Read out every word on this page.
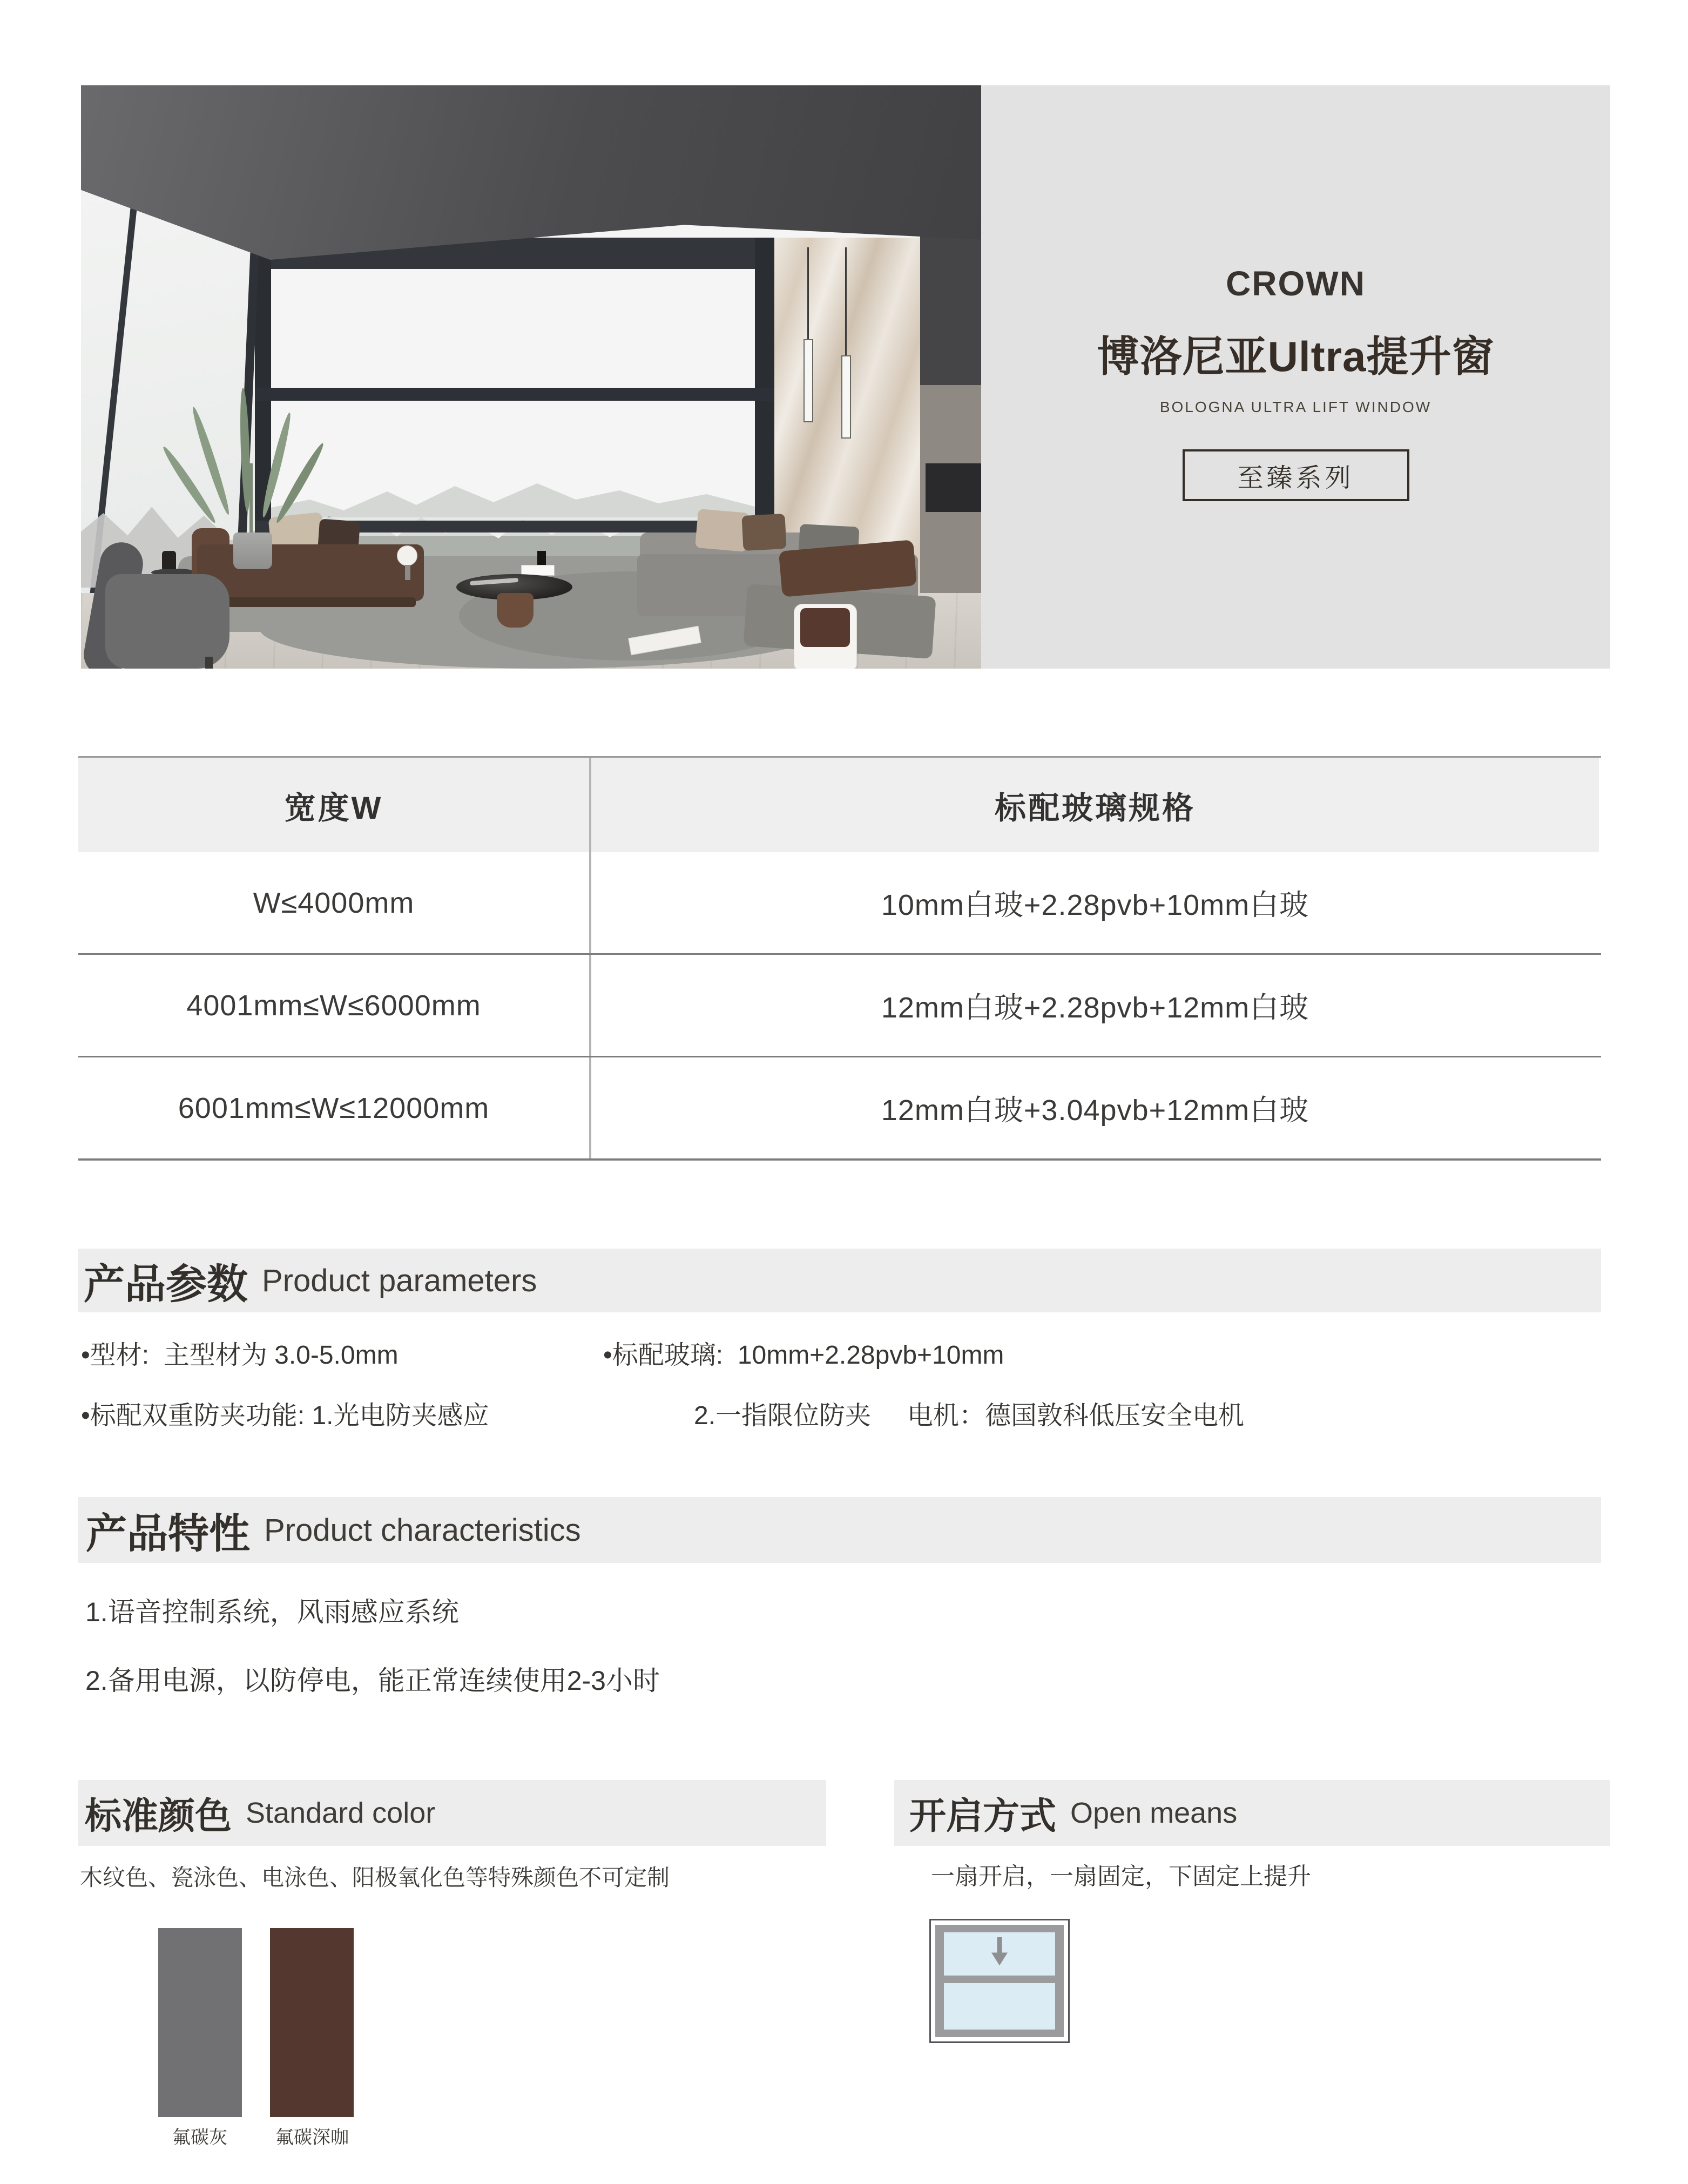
CROWN
博洛尼亚Ultra提升窗
BOLOGNA ULTRA LIFT WINDOW
至臻系列
宽度W	标配玻璃规格
W≤4000mm	10mm白玻+2.28pvb+10mm白玻
4001mm≤W≤6000mm	12mm白玻+2.28pvb+12mm白玻
6001mm≤W≤12000mm	12mm白玻+3.04pvb+12mm白玻
产品参数 Product parameters
•型材:  主型材为 3.0-5.0mm	•标配玻璃:  10mm+2.28pvb+10mm
•标配双重防夹功能: 1.光电防夹感应	2.一指限位防夹 电机：德国敦科低压安全电机
产品特性 Product characteristics
1.语音控制系统，风雨感应系统
2.备用电源，以防停电，能正常连续使用2-3小时
标准颜色 Standard color
木纹色、瓷泳色、电泳色、阳极氧化色等特殊颜色不可定制
氟碳灰	氟碳深咖
开启方式 Open means
一扇开启，一扇固定，下固定上提升
